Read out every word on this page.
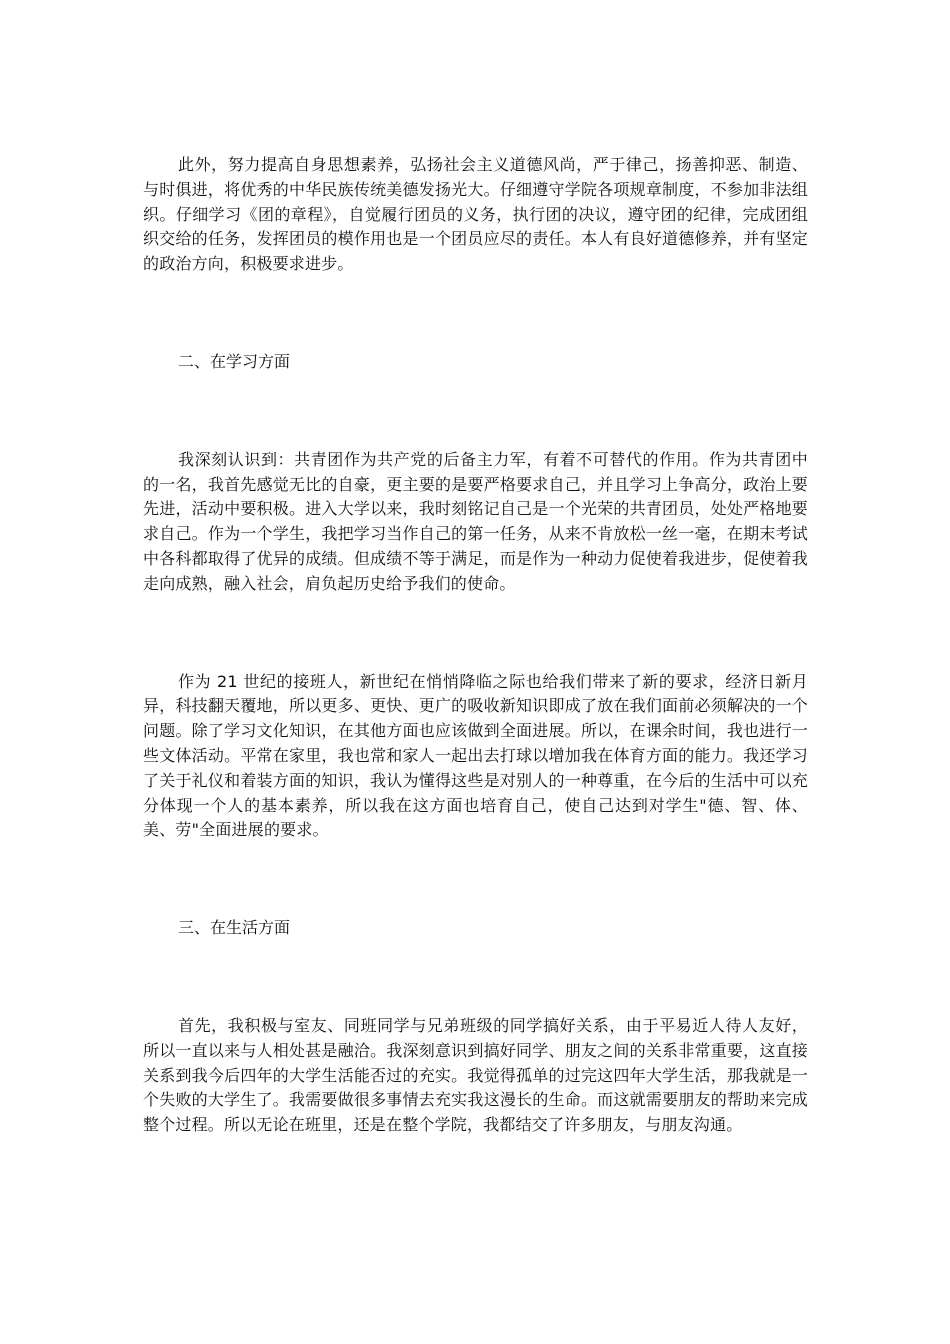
此外，努力提高自身思想素养，弘扬社会主义道德风尚，严于律己，扬善抑恶、制造、与时俱进，将优秀的中华民族传统美德发扬光大。仔细遵守学院各项规章制度，不参加非法组织。仔细学习《团的章程》，自觉履行团员的义务，执行团的决议，遵守团的纪律，完成团组织交给的任务，发挥团员的模作用也是一个团员应尽的责任。本人有良好道德修养，并有坚定的政治方向，积极要求进步。

二、在学习方面

我深刻认识到：共青团作为共产党的后备主力军，有着不可替代的作用。作为共青团中的一名，我首先感觉无比的自豪，更主要的是要严格要求自己，并且学习上争高分，政治上要先进，活动中要积极。进入大学以来，我时刻铭记自己是一个光荣的共青团员，处处严格地要求自己。作为一个学生，我把学习当作自己的第一任务，从来不肯放松一丝一毫，在期末考试中各科都取得了优异的成绩。但成绩不等于满足，而是作为一种动力促使着我进步，促使着我走向成熟，融入社会，肩负起历史给予我们的使命。

作为 21 世纪的接班人，新世纪在悄悄降临之际也给我们带来了新的要求，经济日新月异，科技翻天覆地，所以更多、更快、更广的吸收新知识即成了放在我们面前必须解决的一个问题。除了学习文化知识，在其他方面也应该做到全面进展。所以，在课余时间，我也进行一些文体活动。平常在家里，我也常和家人一起出去打球以增加我在体育方面的能力。我还学习了关于礼仪和着装方面的知识，我认为懂得这些是对别人的一种尊重，在今后的生活中可以充分体现一个人的基本素养，所以我在这方面也培育自己，使自己达到对学生"德、智、体、美、劳"全面进展的要求。

三、在生活方面

首先，我积极与室友、同班同学与兄弟班级的同学搞好关系，由于平易近人待人友好，所以一直以来与人相处甚是融洽。我深刻意识到搞好同学、朋友之间的关系非常重要，这直接关系到我今后四年的大学生活能否过的充实。我觉得孤单的过完这四年大学生活，那我就是一个失败的大学生了。我需要做很多事情去充实我这漫长的生命。而这就需要朋友的帮助来完成整个过程。所以无论在班里，还是在整个学院，我都结交了许多朋友，与朋友沟通。
